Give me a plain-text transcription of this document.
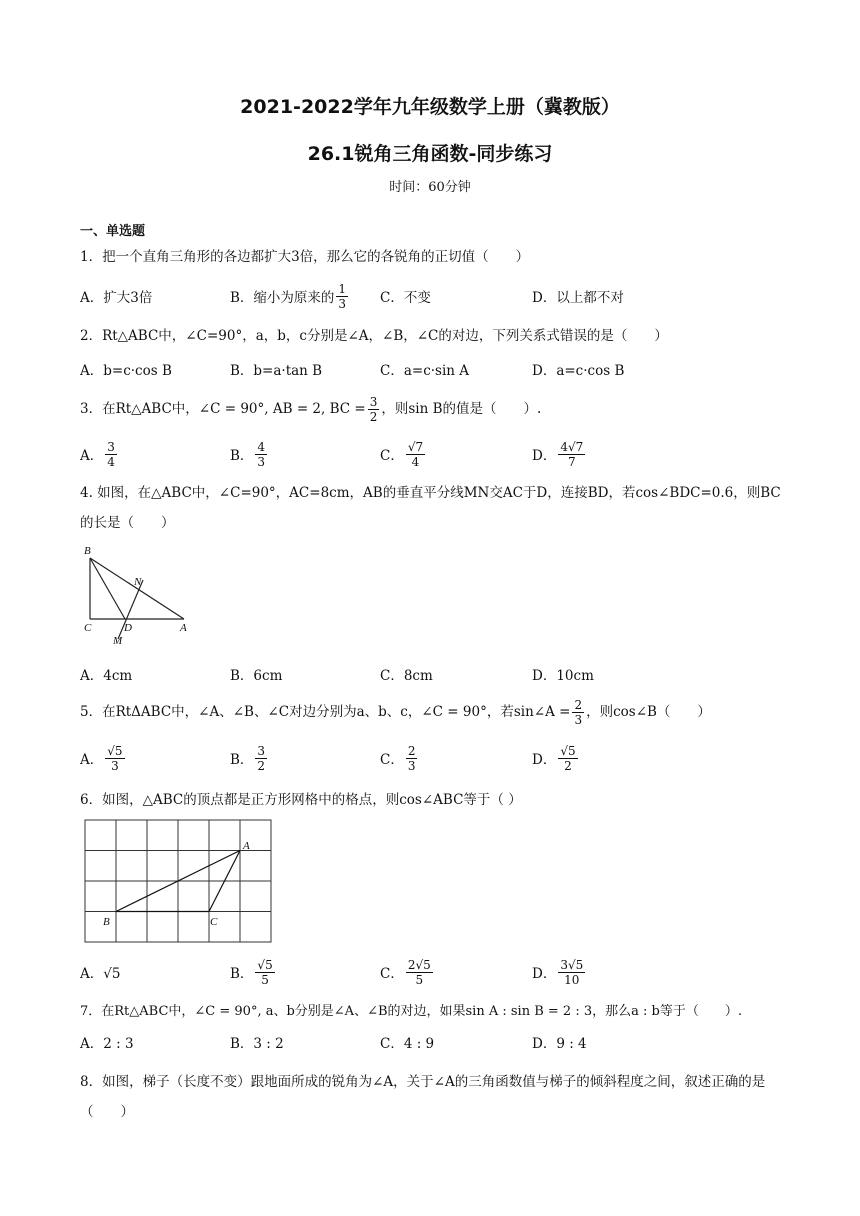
2021-2022学年九年级数学上册（冀教版）
26.1锐角三角函数-同步练习
时间：60分钟
一、单选题
1．把一个直角三角形的各边都扩大3倍，那么它的各锐角的正切值（　　）
A．扩大3倍	B．缩小为原来的 $\frac{1}{3}$ C．不变	D．以上都不对
2．Rt△ABC中，∠C=90°，a，b，c分别是∠A，∠B，∠C的对边，下列关系式错误的是（　　）
A．b=c·cos B	B．b=a·tan B	C．a=c·sin A	D．a=c·cos B
3．在Rt△ABC中，∠C = 90°, AB = 2, BC = $\frac{3}{2}$ ，则sin B的值是（　　）.
A． $\frac{3}{4}$	B． $\frac{4}{3}$	C． $\frac{√7}{4}$	D． $\frac{4√7}{7}$
4. 如图，在△ABC中，∠C=90°，AC=8cm，AB的垂直平分线MN交AC于D，连接BD，若cos∠BDC=0.6，则BC的长是（　　）
B
N
C	D	A
M
A．4cm	B．6cm	C．8cm	D．10cm
5．在RtΔABC中，∠A、∠B、∠C对边分别为a、b、c，∠C = 90°，若sin∠A = $\frac{2}{3}$ ，则cos∠B（　　）
A． $\frac{√5}{3}$	B． $\frac{3}{2}$	C． $\frac{2}{3}$	D． $\frac{√5}{2}$
6．如图，△ABC的顶点都是正方形网格中的格点，则cos∠ABC等于（ ）
A
B	C
A．√5	B． $\frac{√5}{5}$	C． $\frac{2√5}{5}$	D． $\frac{3√5}{10}$
7．在Rt△ABC中，∠C = 90°, a、b分别是∠A、∠B的对边，如果sin A : sin B = 2 : 3，那么a : b等于（　　）.
A．2 : 3	B．3 : 2	C．4 : 9	D．9 : 4
8．如图，梯子（长度不变）跟地面所成的锐角为∠A，关于∠A的三角函数值与梯子的倾斜程度之间，叙述正确的是（　　）
